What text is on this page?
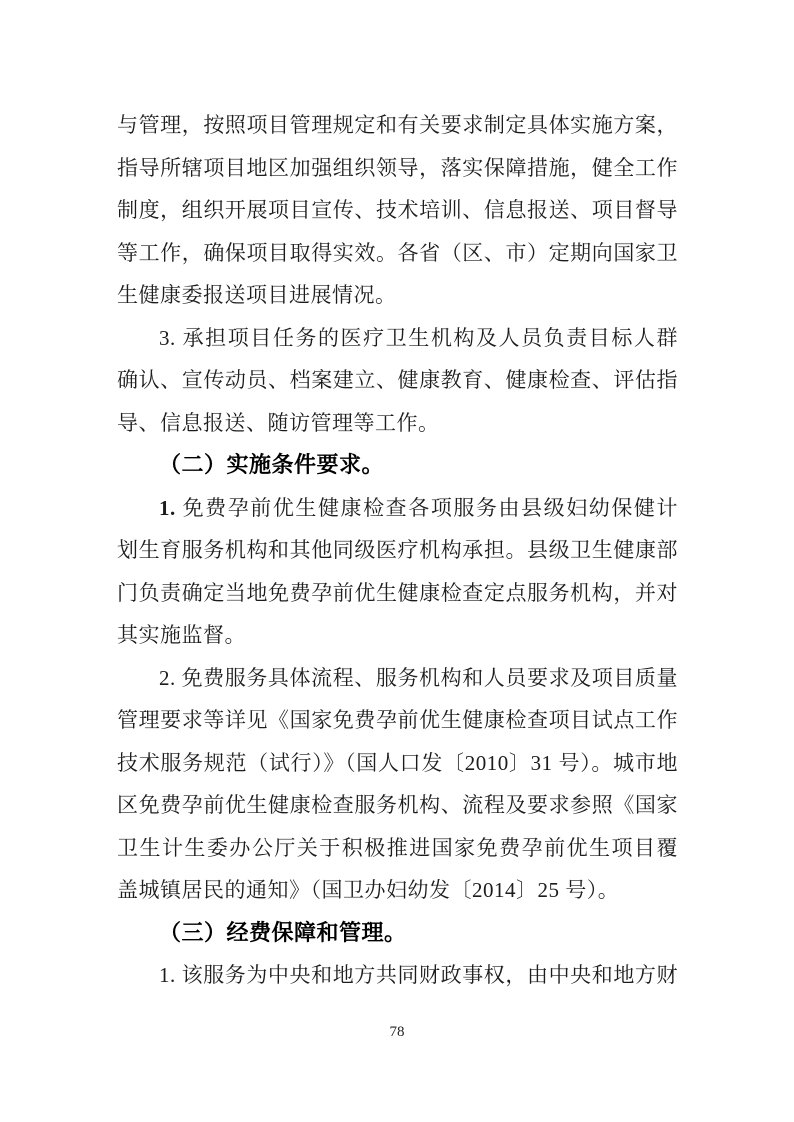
与管理，按照项目管理规定和有关要求制定具体实施方案，
指导所辖项目地区加强组织领导，落实保障措施，健全工作
制度，组织开展项目宣传、技术培训、信息报送、项目督导
等工作，确保项目取得实效。各省（区、市）定期向国家卫
生健康委报送项目进展情况。
3. 承担项目任务的医疗卫生机构及人员负责目标人群
确认、宣传动员、档案建立、健康教育、健康检查、评估指
导、信息报送、随访管理等工作。
（二）实施条件要求。
1. 免费孕前优生健康检查各项服务由县级妇幼保健计
划生育服务机构和其他同级医疗机构承担。县级卫生健康部
门负责确定当地免费孕前优生健康检查定点服务机构，并对
其实施监督。
2. 免费服务具体流程、服务机构和人员要求及项目质量
管理要求等详见《国家免费孕前优生健康检查项目试点工作
技术服务规范（试行）》（国人口发〔2010〕31 号）。城市地
区免费孕前优生健康检查服务机构、流程及要求参照《国家
卫生计生委办公厅关于积极推进国家免费孕前优生项目覆
盖城镇居民的通知》（国卫办妇幼发〔2014〕25 号）。
（三）经费保障和管理。
1. 该服务为中央和地方共同财政事权，由中央和地方财
78
